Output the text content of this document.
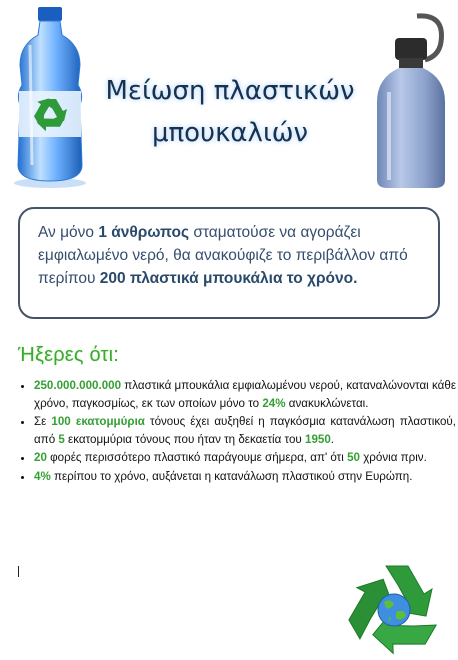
Μείωση πλαστικών
μπουκαλιών
Αν μόνο 1 άνθρωπος σταματούσε να αγοράζει εμφιαλωμένο νερό, θα ανακούφιζε το περιβάλλον από περίπου 200 πλαστικά μπουκάλια το χρόνο.
Ήξερες ότι:
• 250.000.000.000 πλαστικά μπουκάλια εμφιαλωμένου νερού, καταναλώνονται κάθε χρόνο, παγκοσμίως, εκ των οποίων μόνο το 24% ανακυκλώνεται.
• Σε 100 εκατομμύρια τόνους έχει αυξηθεί η παγκόσμια κατανάλωση πλαστικού, από 5 εκατομμύρια τόνους που ήταν τη δεκαετία του 1950.
• 20 φορές περισσότερο πλαστικό παράγουμε σήμερα, απ' ότι 50 χρόνια πριν.
• 4% περίπου το χρόνο, αυξάνεται η κατανάλωση πλαστικού στην Ευρώπη.
